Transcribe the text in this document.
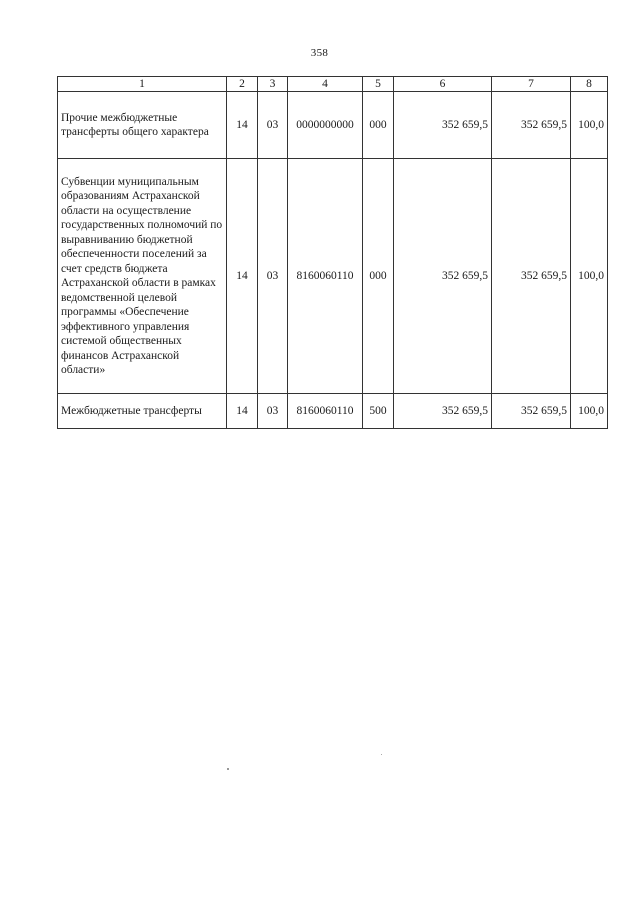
358
1	2	3	4	5	6	7	8
Прочие межбюджетные трансферты общего характера	14	03	0000000000	000	352 659,5	352 659,5	100,0
Субвенции муниципальным образованиям Астраханской области на осуществление государственных полномочий по выравниванию бюджетной обеспеченности поселений за счет средств бюджета Астраханской области в рамках ведомственной целевой программы «Обеспечение эффективного управления системой общественных финансов Астраханской области»	14	03	8160060110	000	352 659,5	352 659,5	100,0
Межбюджетные трансферты	14	03	8160060110	500	352 659,5	352 659,5	100,0
